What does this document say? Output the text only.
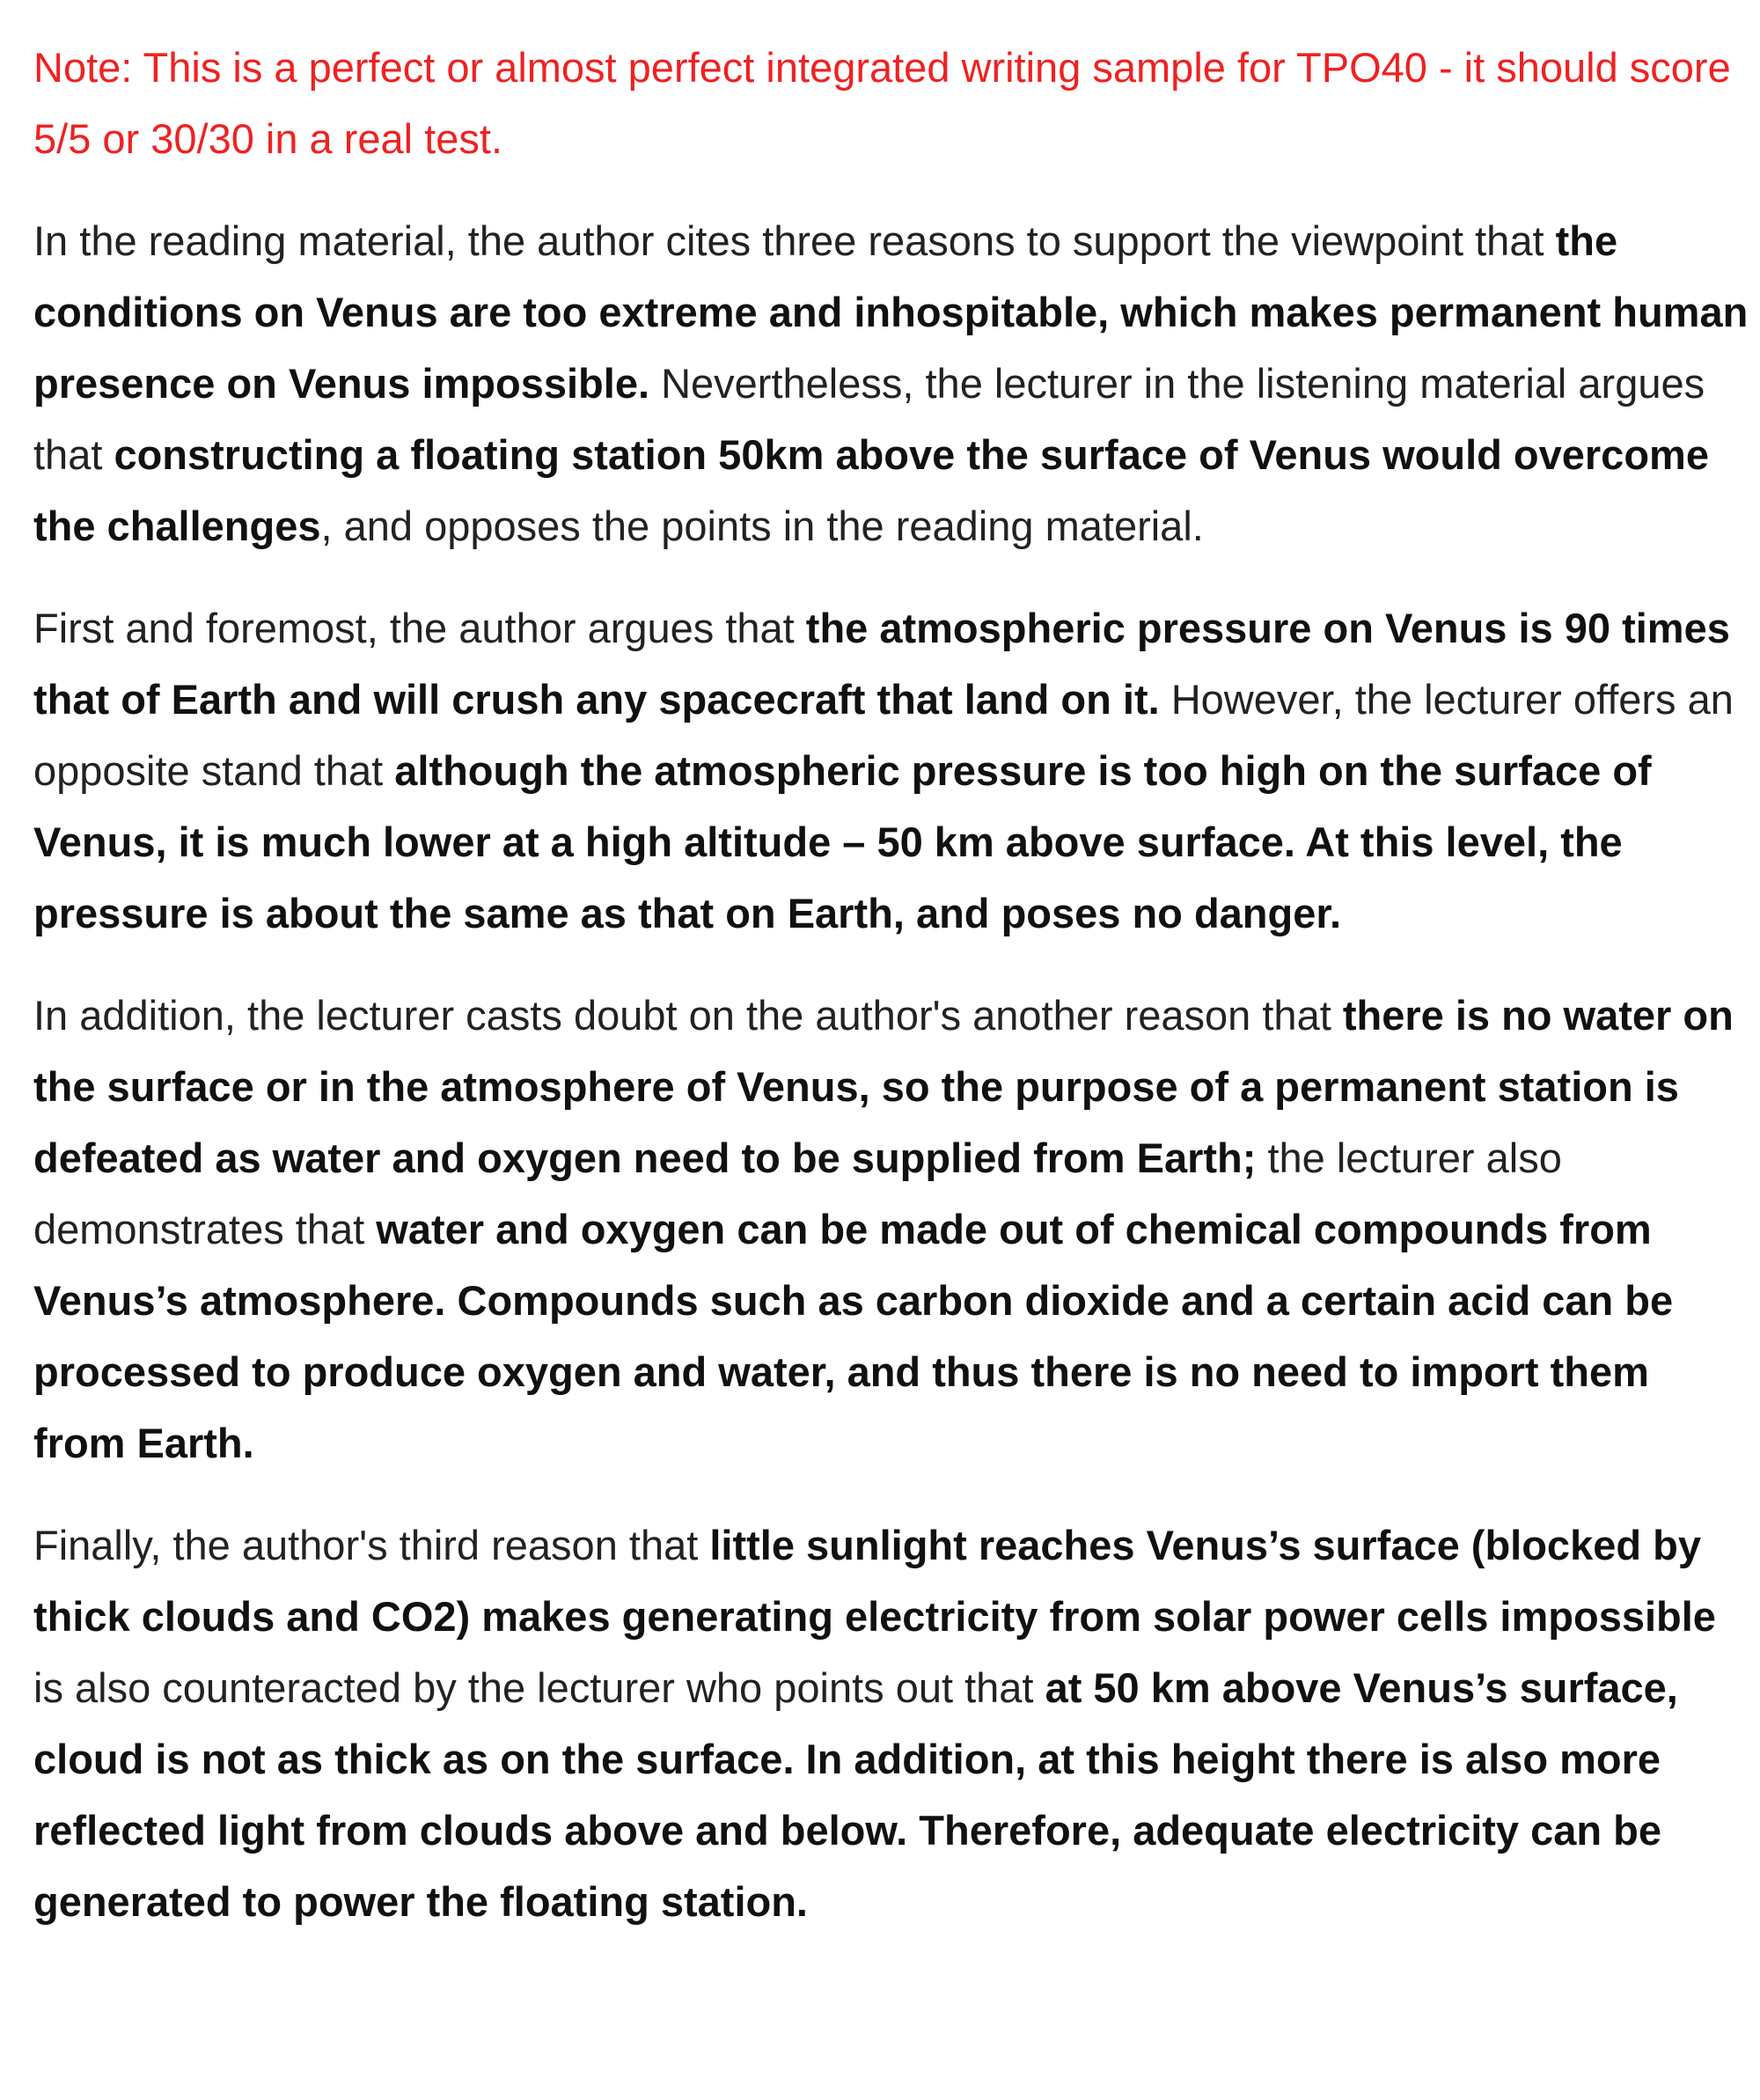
Note: This is a perfect or almost perfect integrated writing sample for TPO40 - it should score 5/5 or 30/30 in a real test.

In the reading material, the author cites three reasons to support the viewpoint that the conditions on Venus are too extreme and inhospitable, which makes permanent human presence on Venus impossible. Nevertheless, the lecturer in the listening material argues that constructing a floating station 50km above the surface of Venus would overcome the challenges, and opposes the points in the reading material.

First and foremost, the author argues that the atmospheric pressure on Venus is 90 times that of Earth and will crush any spacecraft that land on it. However, the lecturer offers an opposite stand that although the atmospheric pressure is too high on the surface of Venus, it is much lower at a high altitude – 50 km above surface. At this level, the pressure is about the same as that on Earth, and poses no danger.

In addition, the lecturer casts doubt on the author's another reason that there is no water on the surface or in the atmosphere of Venus, so the purpose of a permanent station is defeated as water and oxygen need to be supplied from Earth; the lecturer also demonstrates that water and oxygen can be made out of chemical compounds from Venus’s atmosphere. Compounds such as carbon dioxide and a certain acid can be processed to produce oxygen and water, and thus there is no need to import them from Earth.

Finally, the author's third reason that little sunlight reaches Venus’s surface (blocked by thick clouds and CO2) makes generating electricity from solar power cells impossible is also counteracted by the lecturer who points out that at 50 km above Venus’s surface, cloud is not as thick as on the surface. In addition, at this height there is also more reflected light from clouds above and below. Therefore, adequate electricity can be generated to power the floating station.
